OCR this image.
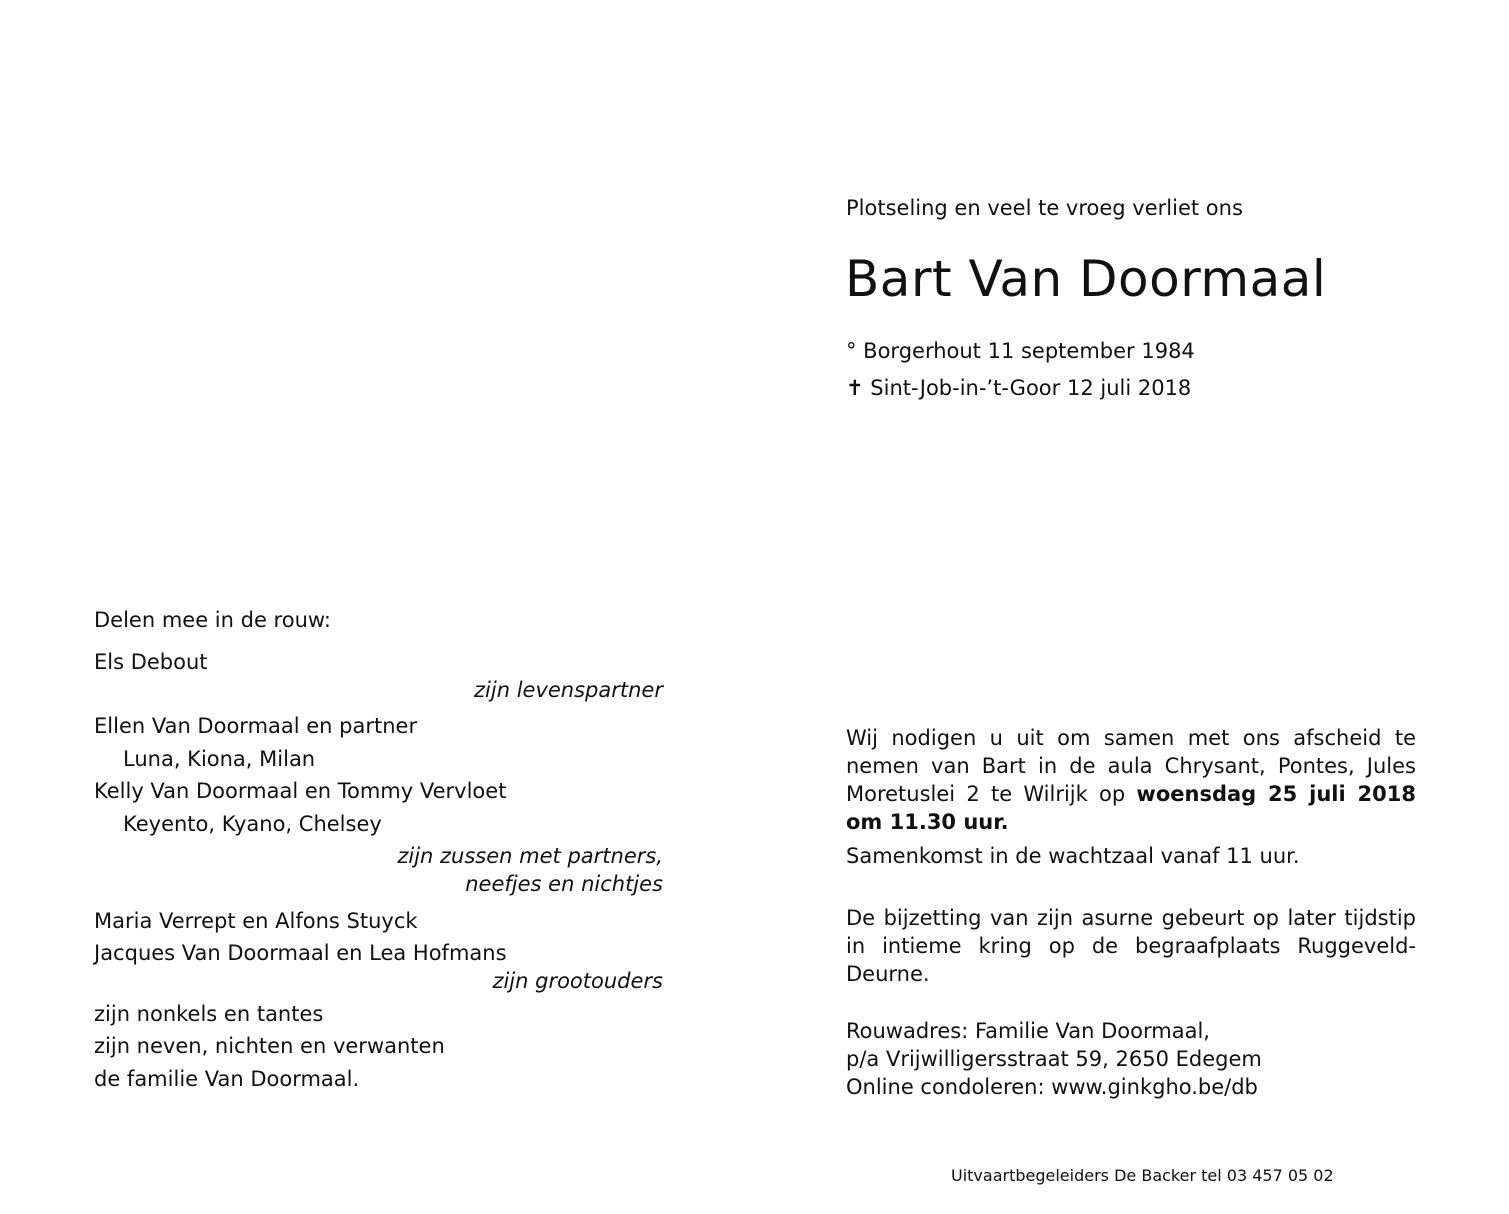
Plotseling en veel te vroeg verliet ons
Bart Van Doormaal
° Borgerhout 11 september 1984
✝ Sint-Job-in-’t-Goor 12 juli 2018
Wij nodigen u uit om samen met ons afscheid te nemen van Bart in de aula Chrysant, Pontes, Jules Moretuslei 2 te Wilrijk op woensdag 25 juli 2018 om 11.30 uur.
Samenkomst in de wachtzaal vanaf 11 uur.
De bijzetting van zijn asurne gebeurt op later tijdstip in intieme kring op de begraafplaats Ruggeveld-Deurne.
Rouwadres: Familie Van Doormaal,
p/a Vrijwilligersstraat 59, 2650 Edegem
Online condoleren: www.ginkgho.be/db
Uitvaartbegeleiders De Backer tel 03 457 05 02
Delen mee in de rouw:
Els Debout
zijn levenspartner
Ellen Van Doormaal en partner
Luna, Kiona, Milan
Kelly Van Doormaal en Tommy Vervloet
Keyento, Kyano, Chelsey
zijn zussen met partners,
neefjes en nichtjes
Maria Verrept en Alfons Stuyck
Jacques Van Doormaal en Lea Hofmans
zijn grootouders
zijn nonkels en tantes
zijn neven, nichten en verwanten
de familie Van Doormaal.
